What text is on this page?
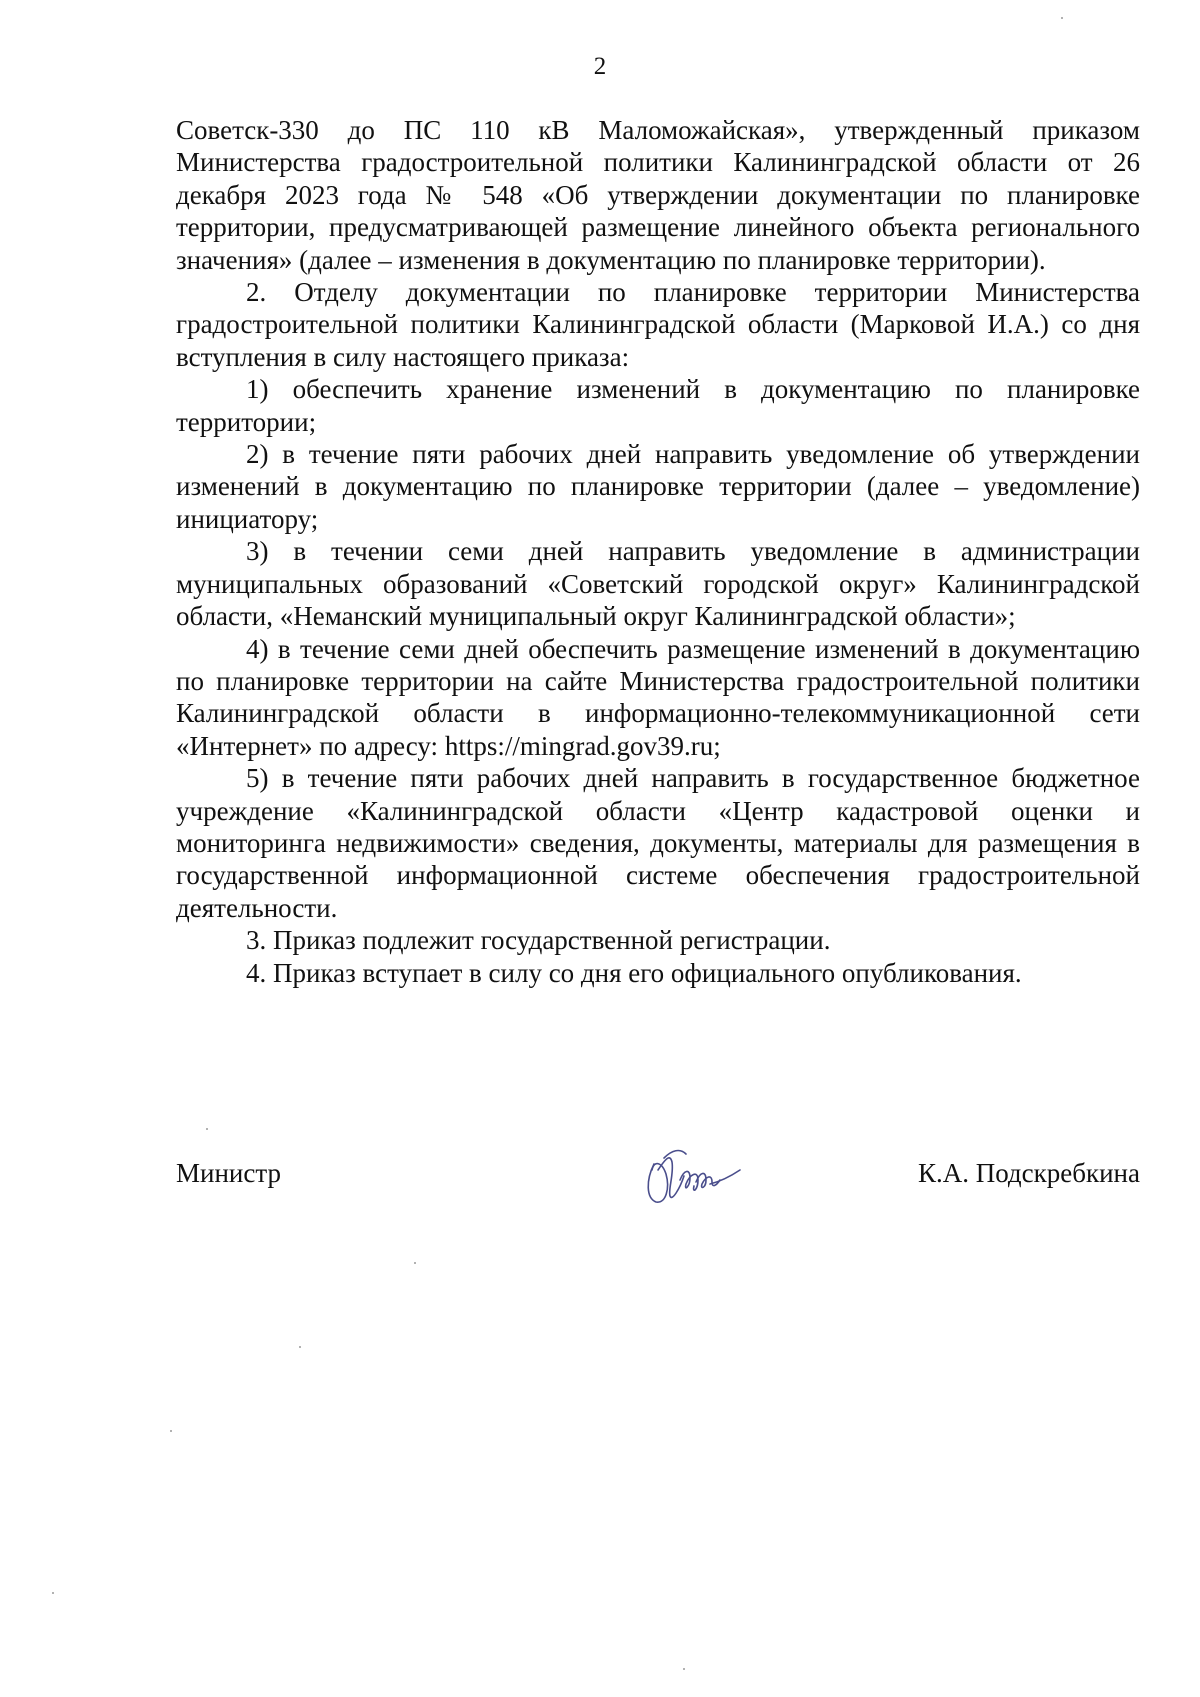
2

Советск-330 до ПС 110 кВ Маломожайская», утвержденный приказом Министерства градостроительной политики Калининградской области от 26 декабря 2023 года № 548 «Об утверждении документации по планировке территории, предусматривающей размещение линейного объекта регионального значения» (далее – изменения в документацию по планировке территории).

2. Отделу документации по планировке территории Министерства градостроительной политики Калининградской области (Марковой И.А.) со дня вступления в силу настоящего приказа:

1) обеспечить хранение изменений в документацию по планировке территории;

2) в течение пяти рабочих дней направить уведомление об утверждении изменений в документацию по планировке территории (далее – уведомление) инициатору;

3) в течении семи дней направить уведомление в администрации муниципальных образований «Советский городской округ» Калининградской области, «Неманский муниципальный округ Калининградской области»;

4) в течение семи дней обеспечить размещение изменений в документацию по планировке территории на сайте Министерства градостроительной политики Калининградской области в информационно-телекоммуникационной сети «Интернет» по адресу: https://mingrad.gov39.ru;

5) в течение пяти рабочих дней направить в государственное бюджетное учреждение «Калининградской области «Центр кадастровой оценки и мониторинга недвижимости» сведения, документы, материалы для размещения в государственной информационной системе обеспечения градостроительной деятельности.

3. Приказ подлежит государственной регистрации.

4. Приказ вступает в силу со дня его официального опубликования.

Министр	К.А. Подскребкина
